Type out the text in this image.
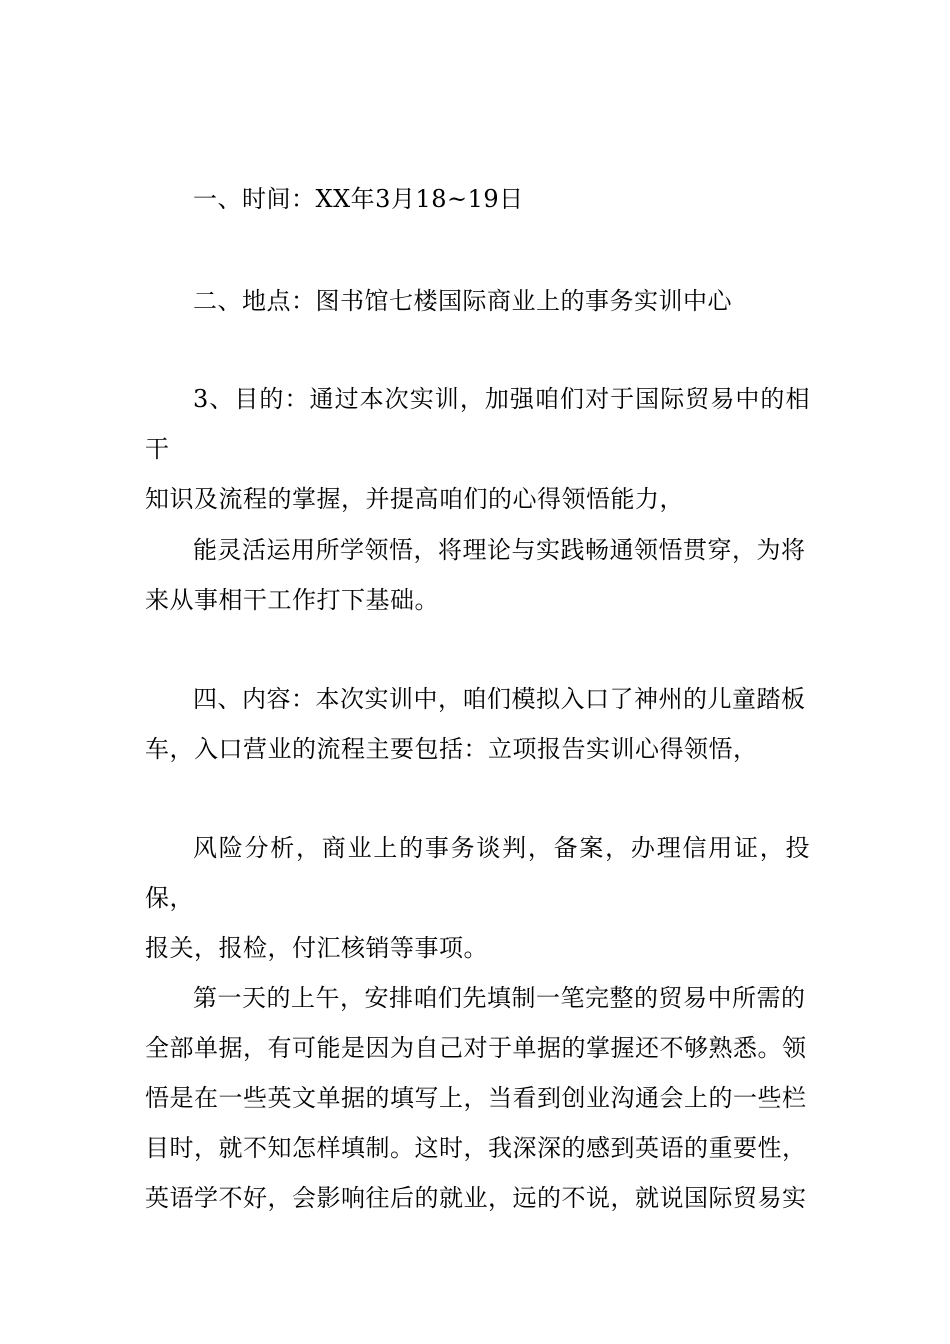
一、时间：XX年3月18~19日
二、地点：图书馆七楼国际商业上的事务实训中心
3、目的：通过本次实训，加强咱们对于国际贸易中的相干
知识及流程的掌握，并提高咱们的心得领悟能力，
能灵活运用所学领悟，将理论与实践畅通领悟贯穿，为将
来从事相干工作打下基础。
四、内容：本次实训中，咱们模拟入口了神州的儿童踏板
车，入口营业的流程主要包括：立项报告实训心得领悟，
风险分析，商业上的事务谈判，备案，办理信用证，投保，
报关，报检，付汇核销等事项。
第一天的上午，安排咱们先填制一笔完整的贸易中所需的
全部单据，有可能是因为自己对于单据的掌握还不够熟悉。领
悟是在一些英文单据的填写上，当看到创业沟通会上的一些栏
目时，就不知怎样填制。这时，我深深的感到英语的重要性，
英语学不好，会影响往后的就业，远的不说，就说国际贸易实
